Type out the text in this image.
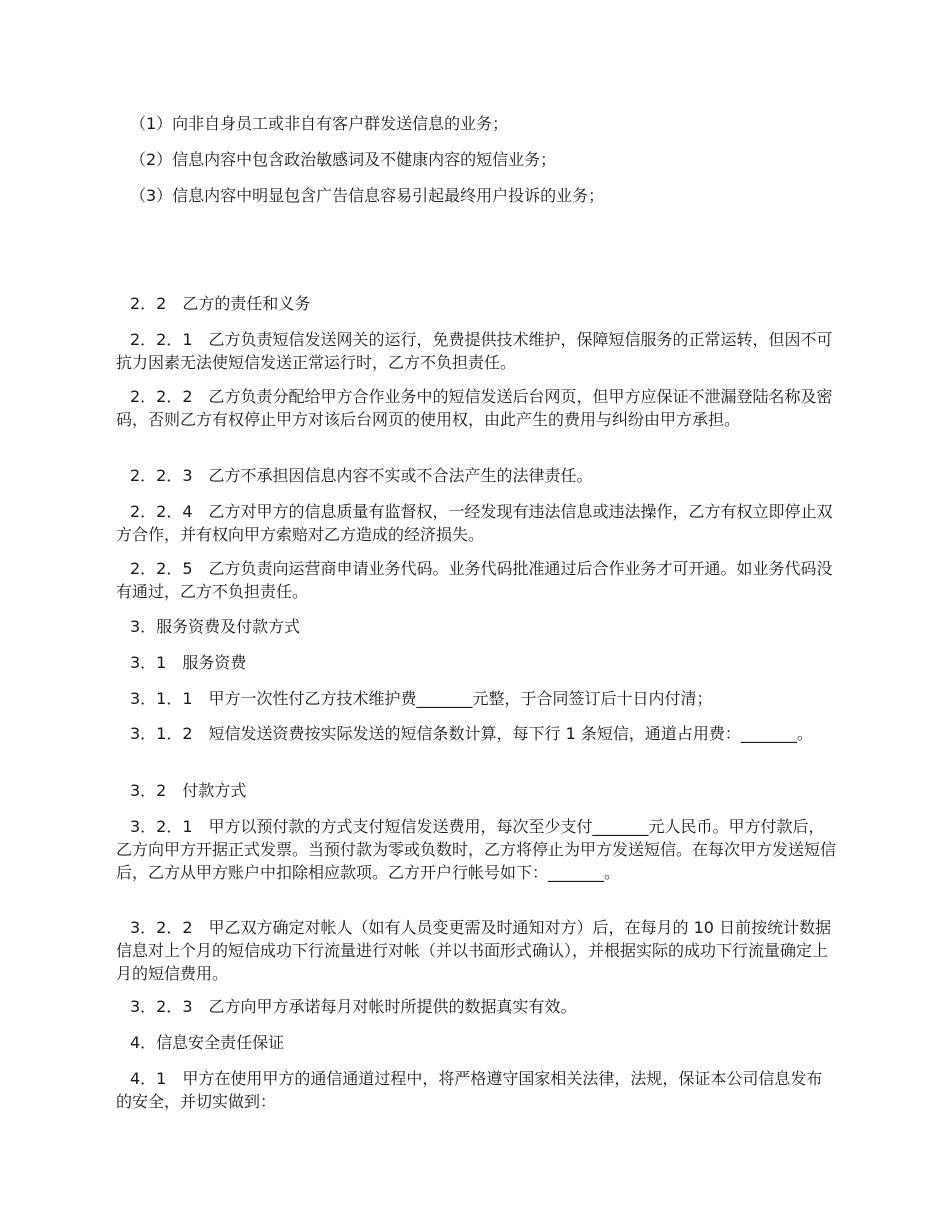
（1）向非自身员工或非自有客户群发送信息的业务；

（2）信息内容中包含政治敏感词及不健康内容的短信业务；

（3）信息内容中明显包含广告信息容易引起最终用户投诉的业务；

2．2　乙方的责任和义务

2．2．1　乙方负责短信发送网关的运行，免费提供技术维护，保障短信服务的正常运转，但因不可抗力因素无法使短信发送正常运行时，乙方不负担责任。

2．2．2　乙方负责分配给甲方合作业务中的短信发送后台网页，但甲方应保证不泄漏登陆名称及密码，否则乙方有权停止甲方对该后台网页的使用权，由此产生的费用与纠纷由甲方承担。

2．2．3　乙方不承担因信息内容不实或不合法产生的法律责任。

2．2．4　乙方对甲方的信息质量有监督权，一经发现有违法信息或违法操作，乙方有权立即停止双方合作，并有权向甲方索赔对乙方造成的经济损失。

2．2．5　乙方负责向运营商申请业务代码。业务代码批准通过后合作业务才可开通。如业务代码没有通过，乙方不负担责任。

3．服务资费及付款方式

3．1　服务资费

3．1．1　甲方一次性付乙方技术维护费_______元整，于合同签订后十日内付清；

3．1．2　短信发送资费按实际发送的短信条数计算，每下行 1 条短信，通道占用费：_______。

3．2　付款方式

3．2．1　甲方以预付款的方式支付短信发送费用，每次至少支付_______元人民币。甲方付款后，乙方向甲方开据正式发票。当预付款为零或负数时，乙方将停止为甲方发送短信。在每次甲方发送短信后，乙方从甲方账户中扣除相应款项。乙方开户行帐号如下：_______。

3．2．2　甲乙双方确定对帐人（如有人员变更需及时通知对方）后，在每月的 10 日前按统计数据信息对上个月的短信成功下行流量进行对帐（并以书面形式确认），并根据实际的成功下行流量确定上月的短信费用。

3．2．3　乙方向甲方承诺每月对帐时所提供的数据真实有效。

4．信息安全责任保证

4．1　甲方在使用甲方的通信通道过程中，将严格遵守国家相关法律，法规，保证本公司信息发布的安全，并切实做到：
